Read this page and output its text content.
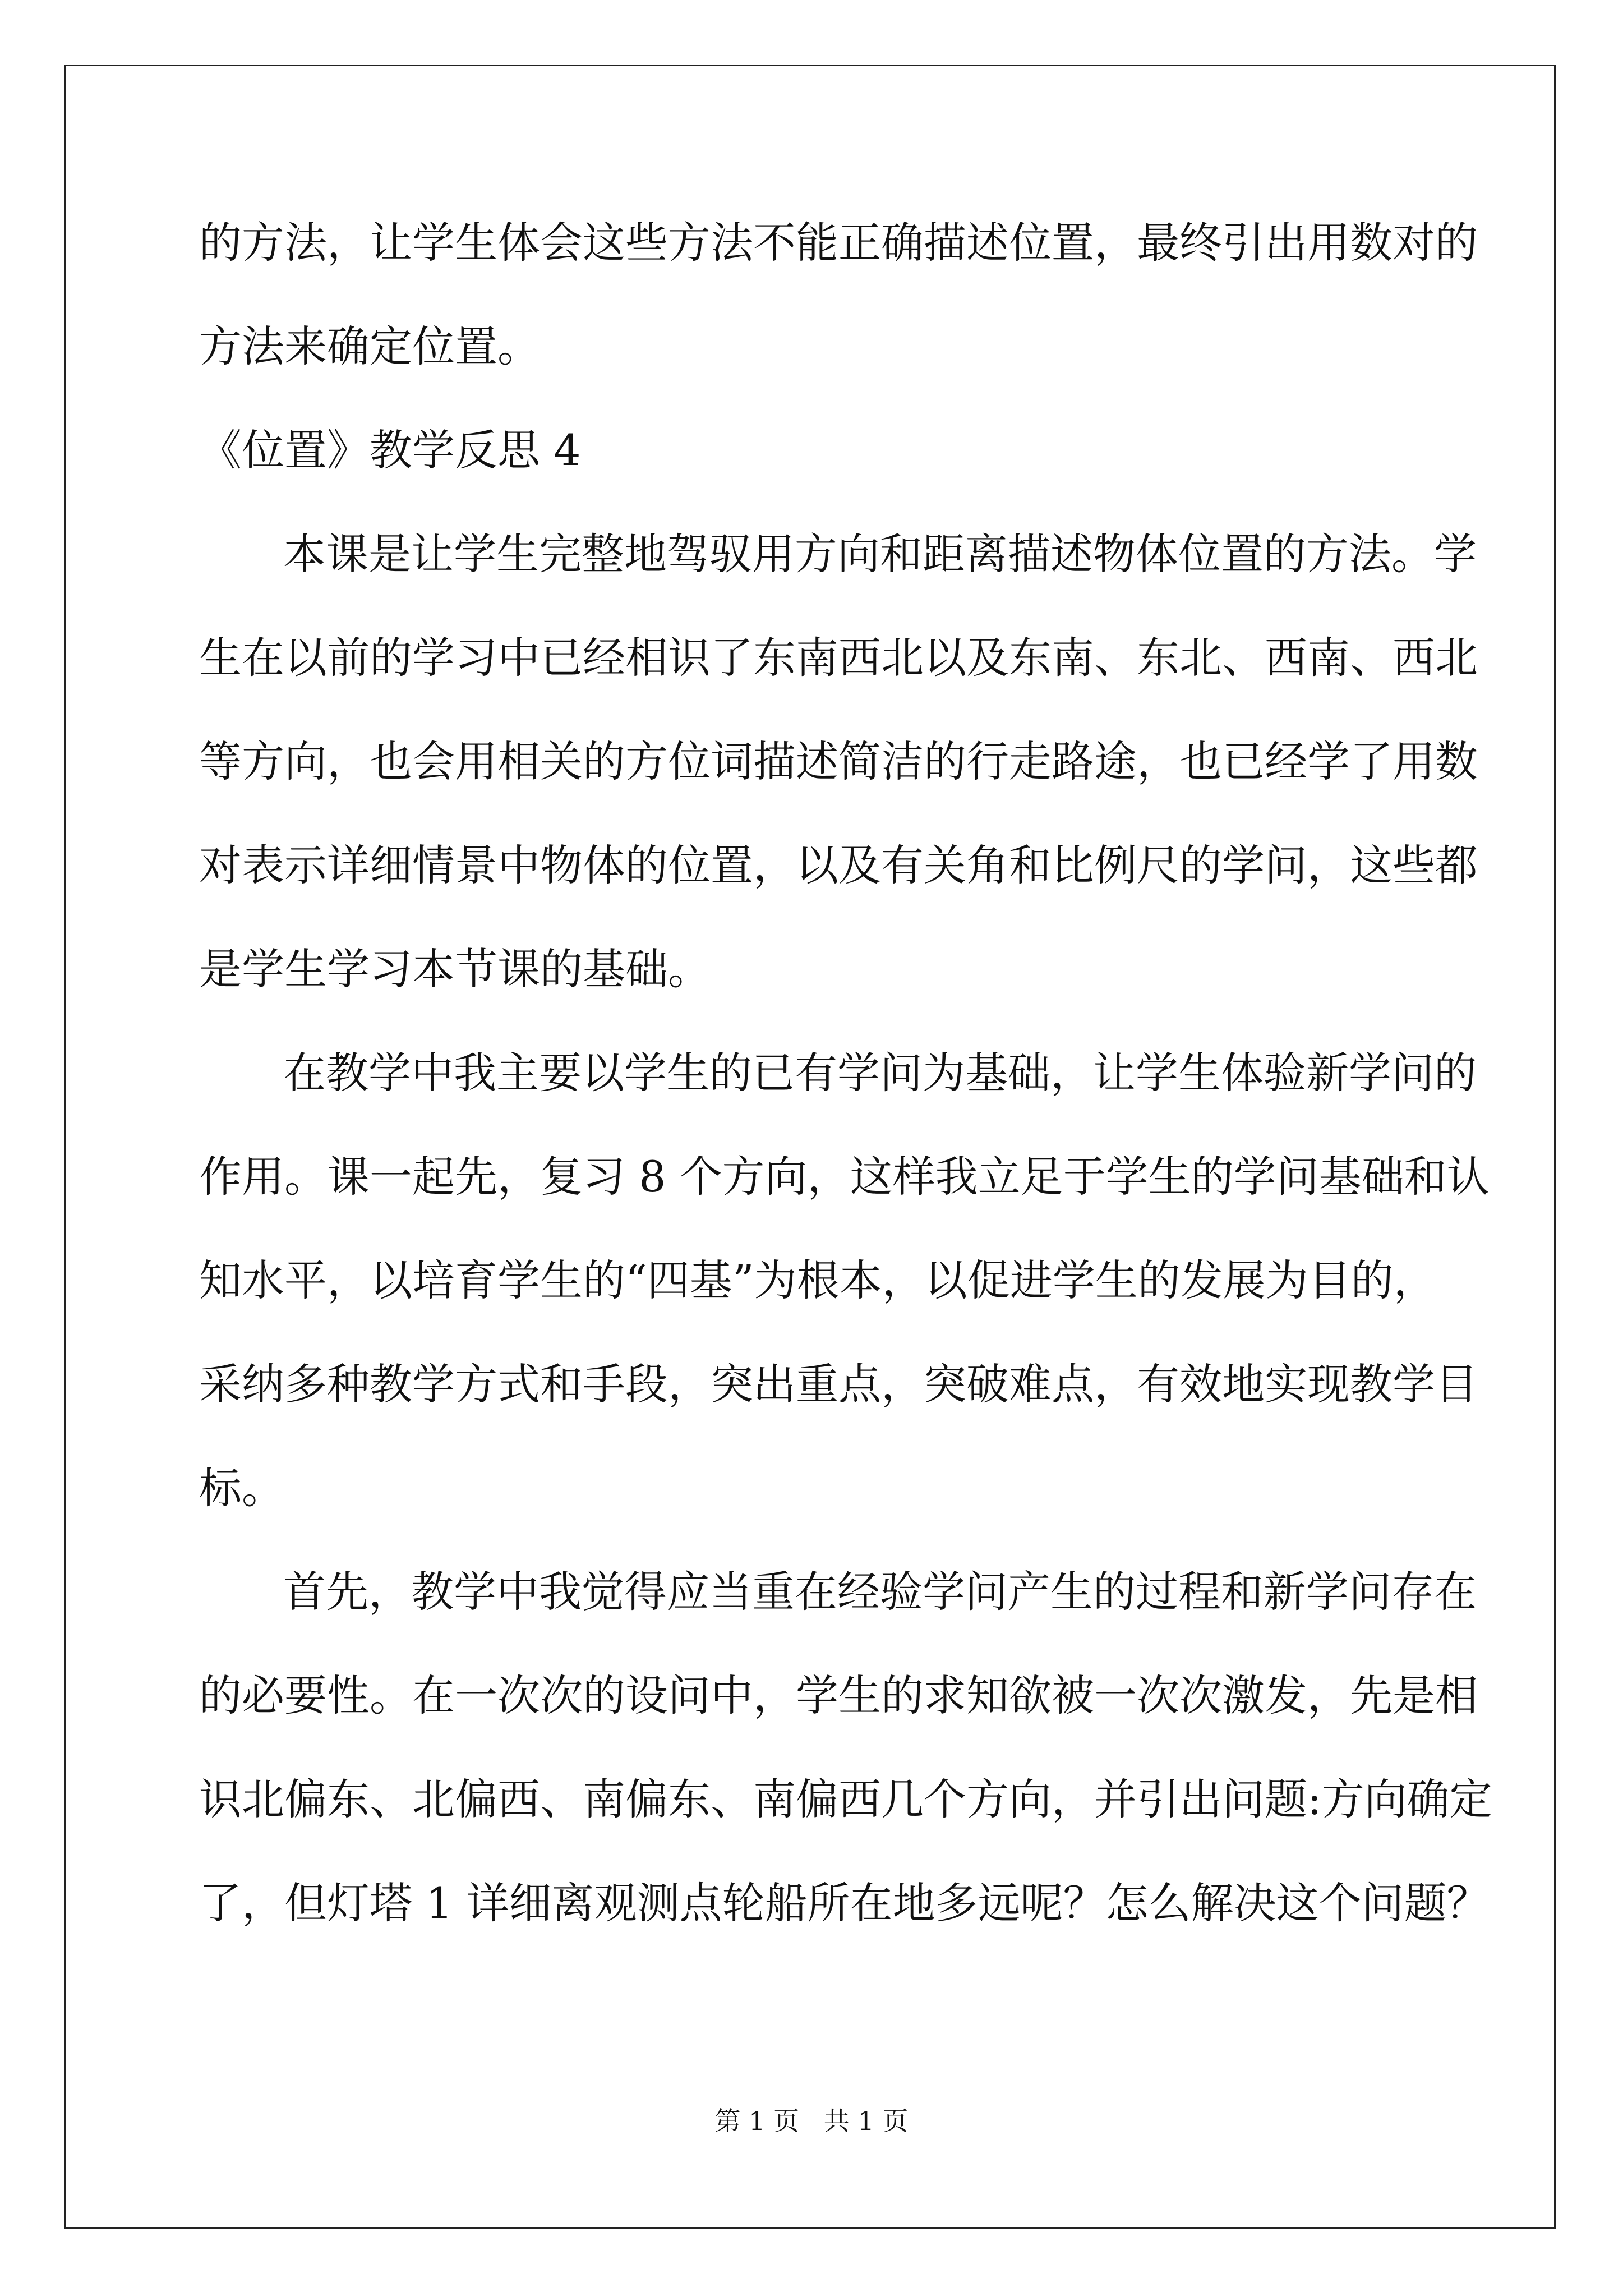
的方法，让学生体会这些方法不能正确描述位置，最终引出用数对的
方法来确定位置。
《位置》教学反思 4
本课是让学生完整地驾驭用方向和距离描述物体位置的方法。学
生在以前的学习中已经相识了东南西北以及东南、东北、西南、西北
等方向，也会用相关的方位词描述简洁的行走路途，也已经学了用数
对表示详细情景中物体的位置，以及有关角和比例尺的学问，这些都
是学生学习本节课的基础。
在教学中我主要以学生的已有学问为基础，让学生体验新学问的
作用。课一起先，复习 8 个方向，这样我立足于学生的学问基础和认
知水平，以培育学生的“四基”为根本，以促进学生的发展为目的，
采纳多种教学方式和手段，突出重点，突破难点，有效地实现教学目
标。
首先，教学中我觉得应当重在经验学问产生的过程和新学问存在
的必要性。在一次次的设问中，学生的求知欲被一次次激发，先是相
识北偏东、北偏西、南偏东、南偏西几个方向，并引出问题:方向确定
了，但灯塔 1 详细离观测点轮船所在地多远呢？怎么解决这个问题？
第 1 页   共 1 页
